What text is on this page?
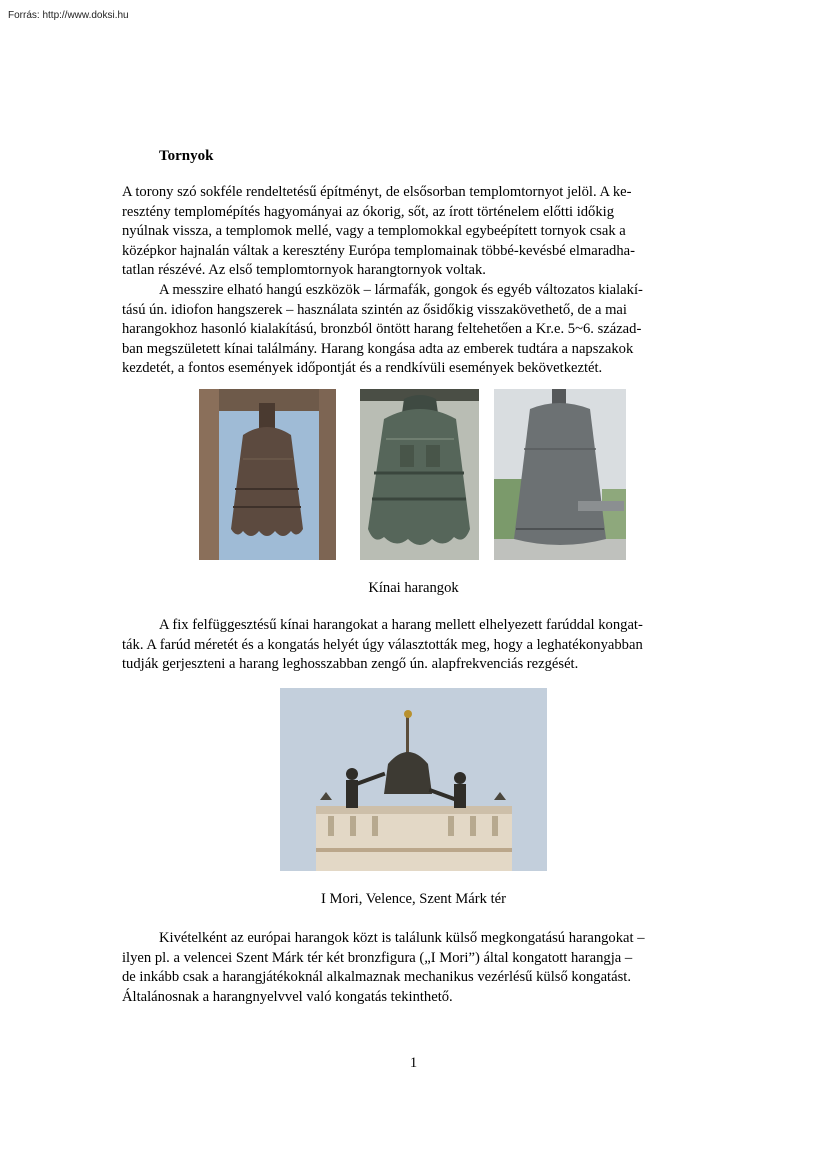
Forrás: http://www.doksi.hu
Tornyok

A torony szó sokféle rendeltetésű építményt, de elsősorban templomtornyot jelöl. A ke-
resztény templomépítés hagyományai az ókorig, sőt, az írott történelem előtti időkig
nyúlnak vissza, a templomok mellé, vagy a templomokkal egybeépített tornyok csak a
középkor hajnalán váltak a keresztény Európa templomainak többé-kevésbé elmaradha-
tatlan részévé. Az első templomtornyok harangtornyok voltak.
A messzire elható hangú eszközök – lármafák, gongok és egyéb változatos kialakí-
tású ún. idiofon hangszerek – használata szintén az ősidőkig visszakövethető, de a mai
harangokhoz hasonló kialakítású, bronzból öntött harang feltehetően a Kr.e. 5~6. század-
ban megszületett kínai találmány. Harang kongása adta az emberek tudtára a napszakok
kezdetét, a fontos események időpontját és a rendkívüli események bekövetkeztét.

Kínai harangok

A fix felfüggesztésű kínai harangokat a harang mellett elhelyezett farúddal kongat-
ták. A farúd méretét és a kongatás helyét úgy választották meg, hogy a leghatékonyabban
tudják gerjeszteni a harang leghosszabban zengő ún. alapfrekvenciás rezgését.

I Mori, Velence, Szent Márk tér

Kivételként az európai harangok közt is találunk külső megkongatású harangokat –
ilyen pl. a velencei Szent Márk tér két bronzfigura („I Mori”) által kongatott harangja –
de inkább csak a harangjátékoknál alkalmaznak mechanikus vezérlésű külső kongatást.
Általánosnak a harangnyelvvel való kongatás tekinthető.

1
